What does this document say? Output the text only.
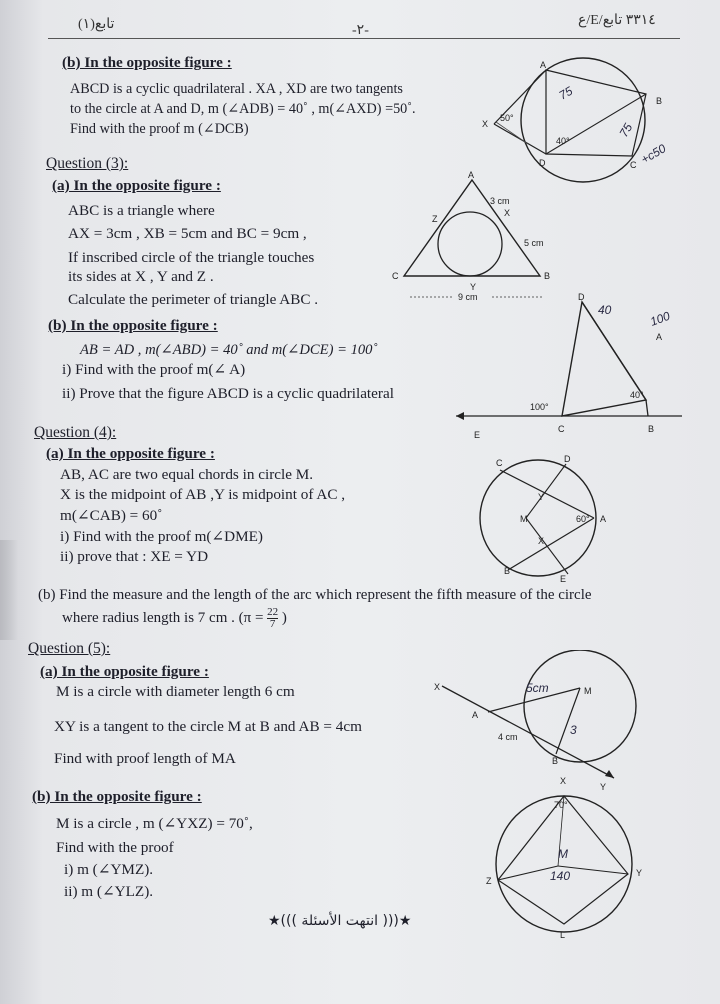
(١)تابع	-٢-
ع/E/٣٣١٤ تابع
(b) In the opposite figure :
ABCD is a cyclic quadrilateral . XA , XD are two tangents
to the circle at A and D, m (∠ADB) = 40˚ , m(∠AXD) =50˚.
Find with the proof m (∠DCB)	X
A
B
C
D
50°
40°
75
+c50
75
Question (3):
(a) In the opposite figure :
ABC is a triangle where
AX = 3cm , XB = 5cm and BC = 9cm ,
If inscribed circle of the triangle touches
its sides at X , Y and Z .
Calculate the perimeter of triangle ABC .
A
B
C
X
Y
Z
3 cm
5 cm
9 cm
(b) In the opposite figure :
AB = AD , m(∠ABD) = 40˚ and m(∠DCE) = 100˚
i) Find with the proof m(∠ A)
ii) Prove that the figure ABCD is a cyclic quadrilateral
D
A
B
C
E
100°
40°
40	100
Question (4):
(a) In the opposite figure :
AB, AC are two equal chords in circle M.
X is the midpoint of AB ,Y is midpoint of AC ,
m(∠CAB) = 60˚
i) Find with the proof m(∠DME)
ii) prove that : XE = YD
C	D
A
B
E
M
Y
X
60°
(b) Find the measure and the length of the arc which represent the fifth measure of the circle
where radius length is 7 cm . ($\pi = \frac{22}{7}$ )
Question (5):
(a) In the opposite figure :
M is a circle with diameter length 6 cm
XY is a tangent to the circle M at B and AB = 4cm
Find with proof length of MA
X
A
B
M
Y
4 cm
5cm
3
(b) In the opposite figure :
M is a circle , m (∠YXZ) = 70˚,
Find with the proof
i) m (∠YMZ).
ii) m (∠YLZ).
X
Y
Z
L
70°
M
140
★((( انتهت الأسئلة )))★
